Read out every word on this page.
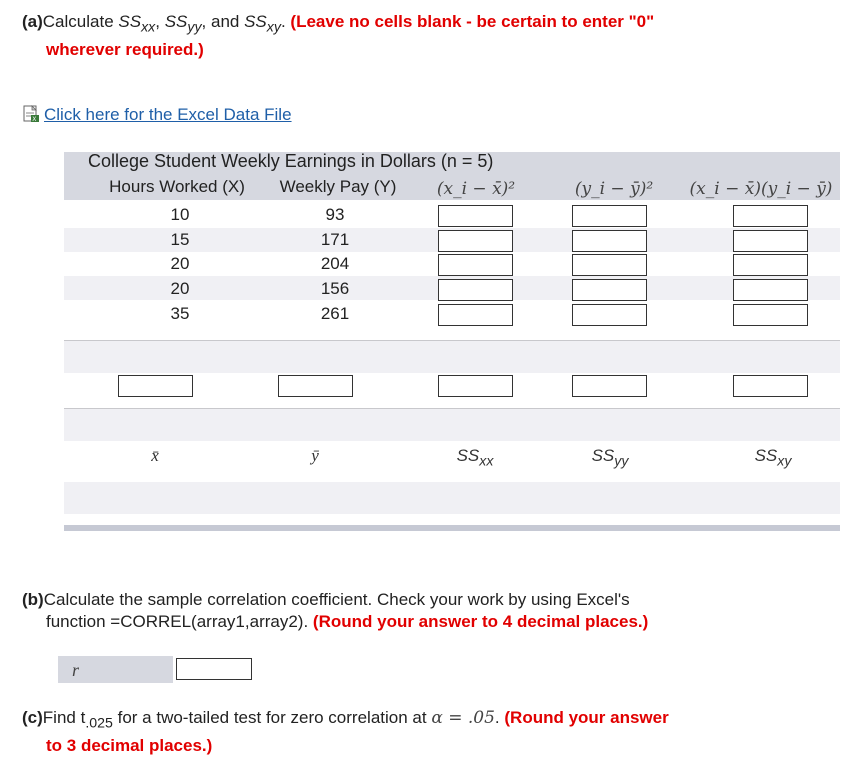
(a)Calculate $SS_{xx}$, $SS_{yy}$, and $SS_{xy}$. (Leave no cells blank - be certain to enter "0"
wherever required.)
X Click here for the Excel Data File
College Student Weekly Earnings in Dollars (n = 5)
Hours Worked (X)	Weekly Pay (Y)	(x_i − x̄)²	(y_i − ȳ)²	(x_i − x̄)(y_i − ȳ)
10	93
15	171
20	204
20	156
35	261
x̄	ȳ	$SS_{xx}$	$SS_{yy}$	$SS_{xy}$
(b)Calculate the sample correlation coefficient. Check your work by using Excel's
function =CORREL(array1,array2). (Round your answer to 4 decimal places.)
r
(c)Find $t_{.025}$ for a two-tailed test for zero correlation at α = .05. (Round your answer
to 3 decimal places.)
